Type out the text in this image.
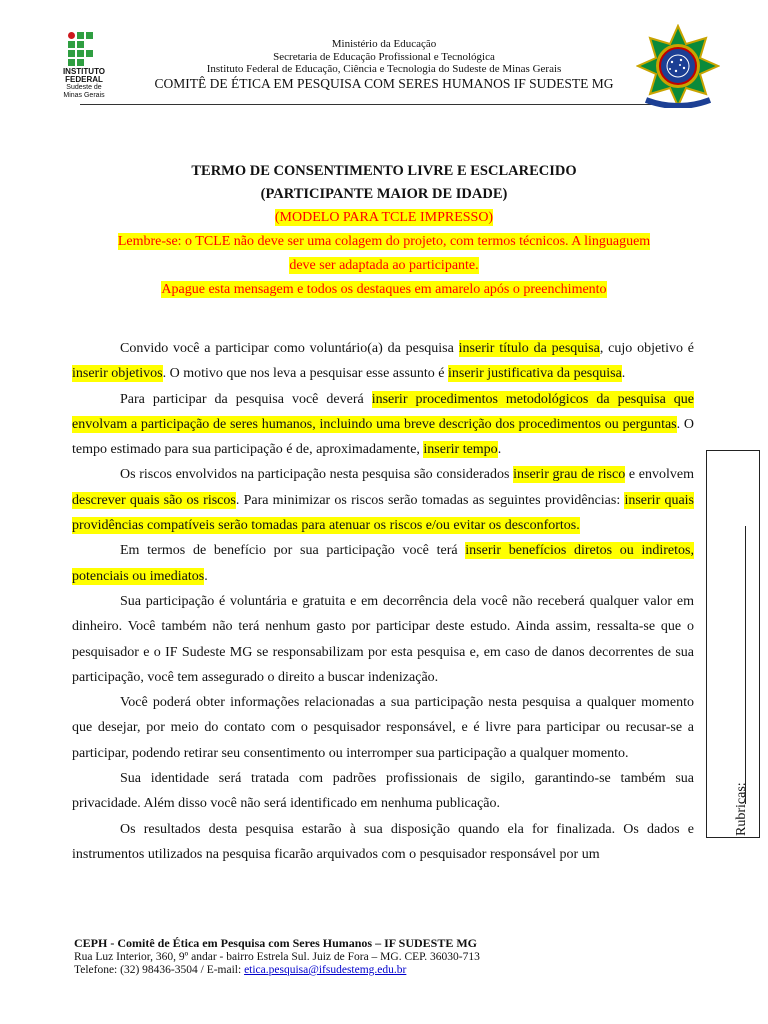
INSTITUTO
FEDERAL
Sudeste de
Minas Gerais
Ministério da Educação
Secretaria de Educação Profissional e Tecnológica
Instituto Federal de Educação, Ciência e Tecnologia do Sudeste de Minas Gerais
COMITÊ DE ÉTICA EM PESQUISA COM SERES HUMANOS IF SUDESTE MG
TERMO DE CONSENTIMENTO LIVRE E ESCLARECIDO
(PARTICIPANTE MAIOR DE IDADE)
(MODELO PARA TCLE IMPRESSO)
Lembre-se: o TCLE não deve ser uma colagem do projeto, com termos técnicos. A linguaguem
deve ser adaptada ao participante.
Apague esta mensagem e todos os destaques em amarelo após o preenchimento

Convido você a participar como voluntário(a) da pesquisa inserir título da pesquisa, cujo objetivo é inserir objetivos. O motivo que nos leva a pesquisar esse assunto é inserir justificativa da pesquisa.

Para participar da pesquisa você deverá inserir procedimentos metodológicos da pesquisa que envolvam a participação de seres humanos, incluindo uma breve descrição dos procedimentos ou perguntas. O tempo estimado para sua participação é de, aproximadamente, inserir tempo.

Os riscos envolvidos na participação nesta pesquisa são considerados inserir grau de risco e envolvem descrever quais são os riscos. Para minimizar os riscos serão tomadas as seguintes providências: inserir quais providências compatíveis serão tomadas para atenuar os riscos e/ou evitar os desconfortos.

Em termos de benefício por sua participação você terá inserir benefícios diretos ou indiretos, potenciais ou imediatos.

Sua participação é voluntária e gratuita e em decorrência dela você não receberá qualquer valor em dinheiro. Você também não terá nenhum gasto por participar deste estudo. Ainda assim, ressalta-se que o pesquisador e o IF Sudeste MG se responsabilizam por esta pesquisa e, em caso de danos decorrentes de sua participação, você tem assegurado o direito a buscar indenização.

Você poderá obter informações relacionadas a sua participação nesta pesquisa a qualquer momento que desejar, por meio do contato com o pesquisador responsável, e é livre para participar ou recusar-se a participar, podendo retirar seu consentimento ou interromper sua participação a qualquer momento.

Sua identidade será tratada com padrões profissionais de sigilo, garantindo-se também sua privacidade. Além disso você não será identificado em nenhuma publicação.

Os resultados desta pesquisa estarão à sua disposição quando ela for finalizada. Os dados e instrumentos utilizados na pesquisa ficarão arquivados com o pesquisador responsável por um

Rubricas:
CEPH - Comitê de Ética em Pesquisa com Seres Humanos – IF SUDESTE MG
Rua Luz Interior, 360, 9º andar - bairro Estrela Sul. Juiz de Fora – MG. CEP. 36030-713
Telefone: (32) 98436-3504 / E-mail: etica.pesquisa@ifsudestemg.edu.br
